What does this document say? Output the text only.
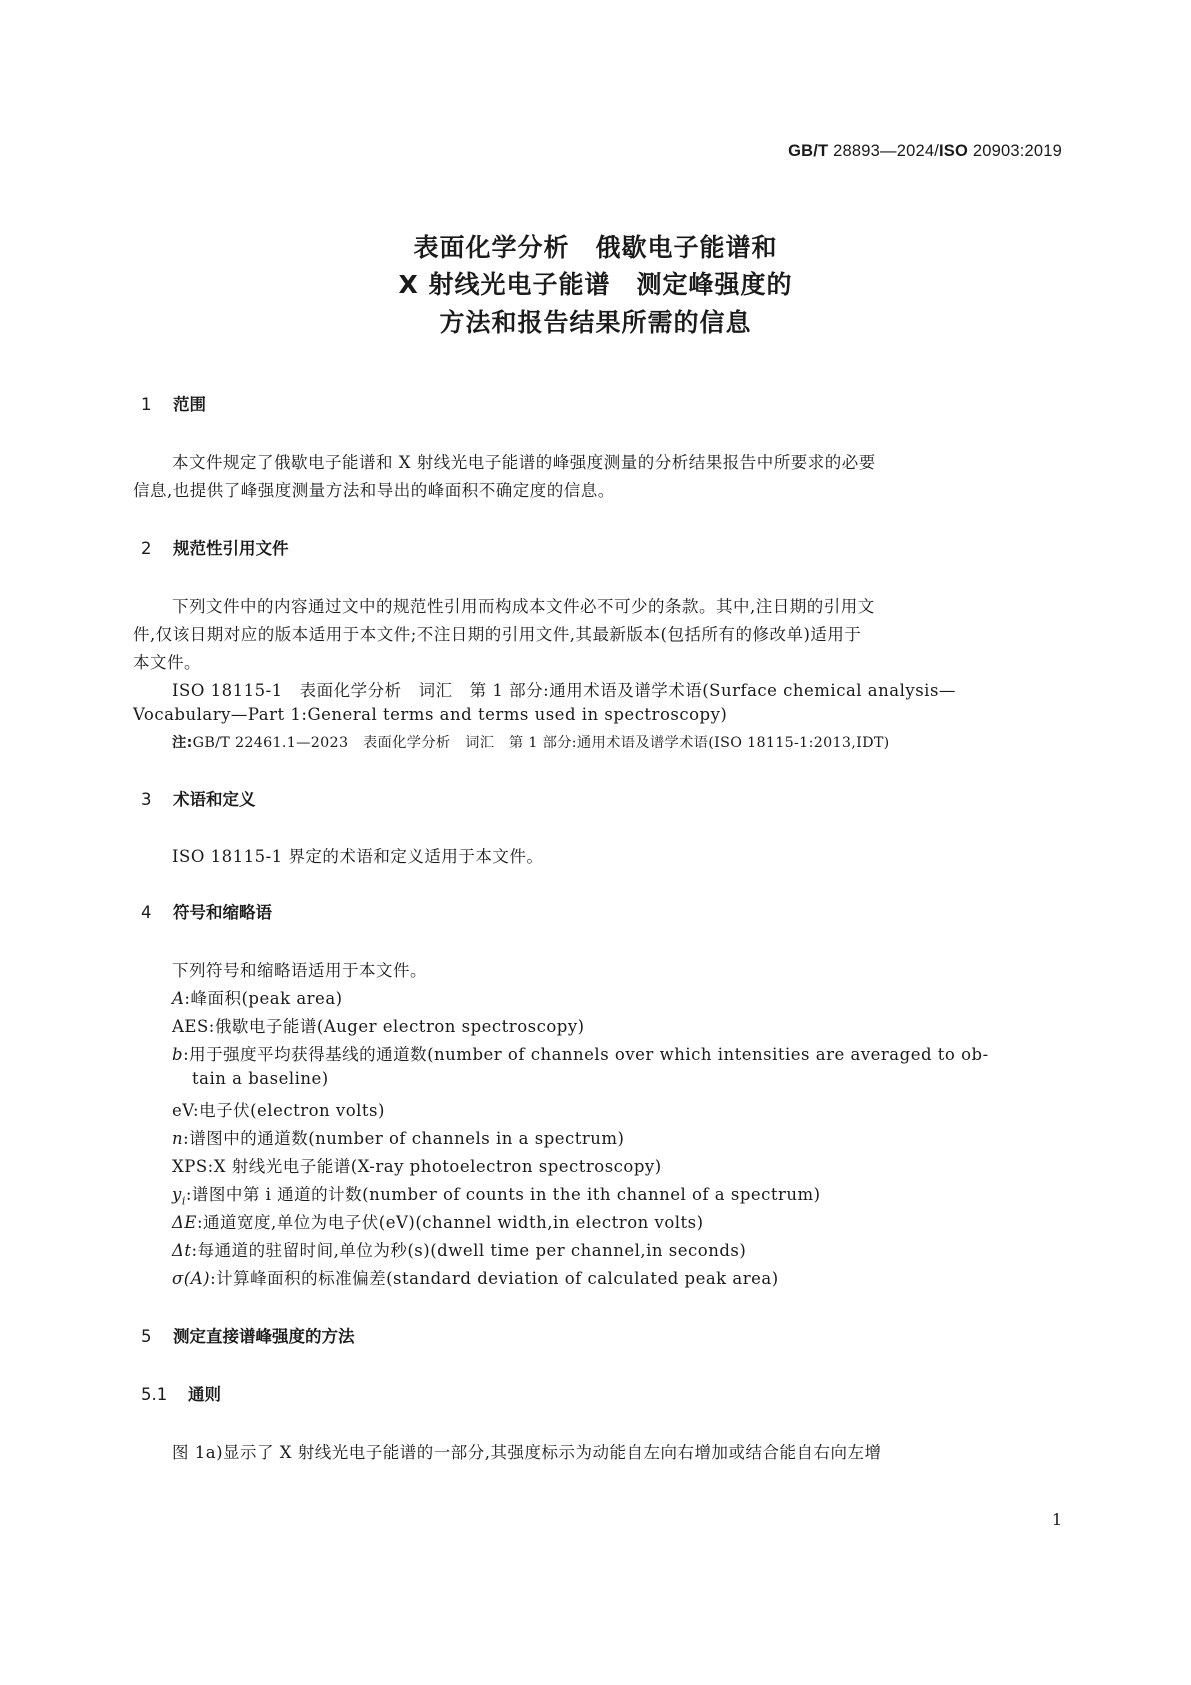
GB/T 28893—2024/ISO 20903:2019
表面化学分析　俄歇电子能谱和
X 射线光电子能谱　测定峰强度的
方法和报告结果所需的信息
1 范围
本文件规定了俄歇电子能谱和 X 射线光电子能谱的峰强度测量的分析结果报告中所要求的必要
信息,也提供了峰强度测量方法和导出的峰面积不确定度的信息。
2 规范性引用文件
下列文件中的内容通过文中的规范性引用而构成本文件必不可少的条款。其中,注日期的引用文
件,仅该日期对应的版本适用于本文件;不注日期的引用文件,其最新版本(包括所有的修改单)适用于
本文件。
ISO 18115-1　表面化学分析　词汇　第 1 部分:通用术语及谱学术语(Surface chemical analysis—
Vocabulary—Part 1:General terms and terms used in spectroscopy)
注:GB/T 22461.1—2023　表面化学分析　词汇　第 1 部分:通用术语及谱学术语(ISO 18115-1:2013,IDT)
3 术语和定义
ISO 18115-1 界定的术语和定义适用于本文件。
4 符号和缩略语
下列符号和缩略语适用于本文件。
A:峰面积(peak area)
AES:俄歇电子能谱(Auger electron spectroscopy)
b:用于强度平均获得基线的通道数(number of channels over which intensities are averaged to ob-
tain a baseline)
eV:电子伏(electron volts)
n:谱图中的通道数(number of channels in a spectrum)
XPS:X 射线光电子能谱(X-ray photoelectron spectroscopy)
$y_i$:谱图中第 i 通道的计数(number of counts in the ith channel of a spectrum)
ΔE:通道宽度,单位为电子伏(eV)(channel width,in electron volts)
Δt:每通道的驻留时间,单位为秒(s)(dwell time per channel,in seconds)
σ(A):计算峰面积的标准偏差(standard deviation of calculated peak area)
5 测定直接谱峰强度的方法
5.1 通则
图 1a)显示了 X 射线光电子能谱的一部分,其强度标示为动能自左向右增加或结合能自右向左增
1
